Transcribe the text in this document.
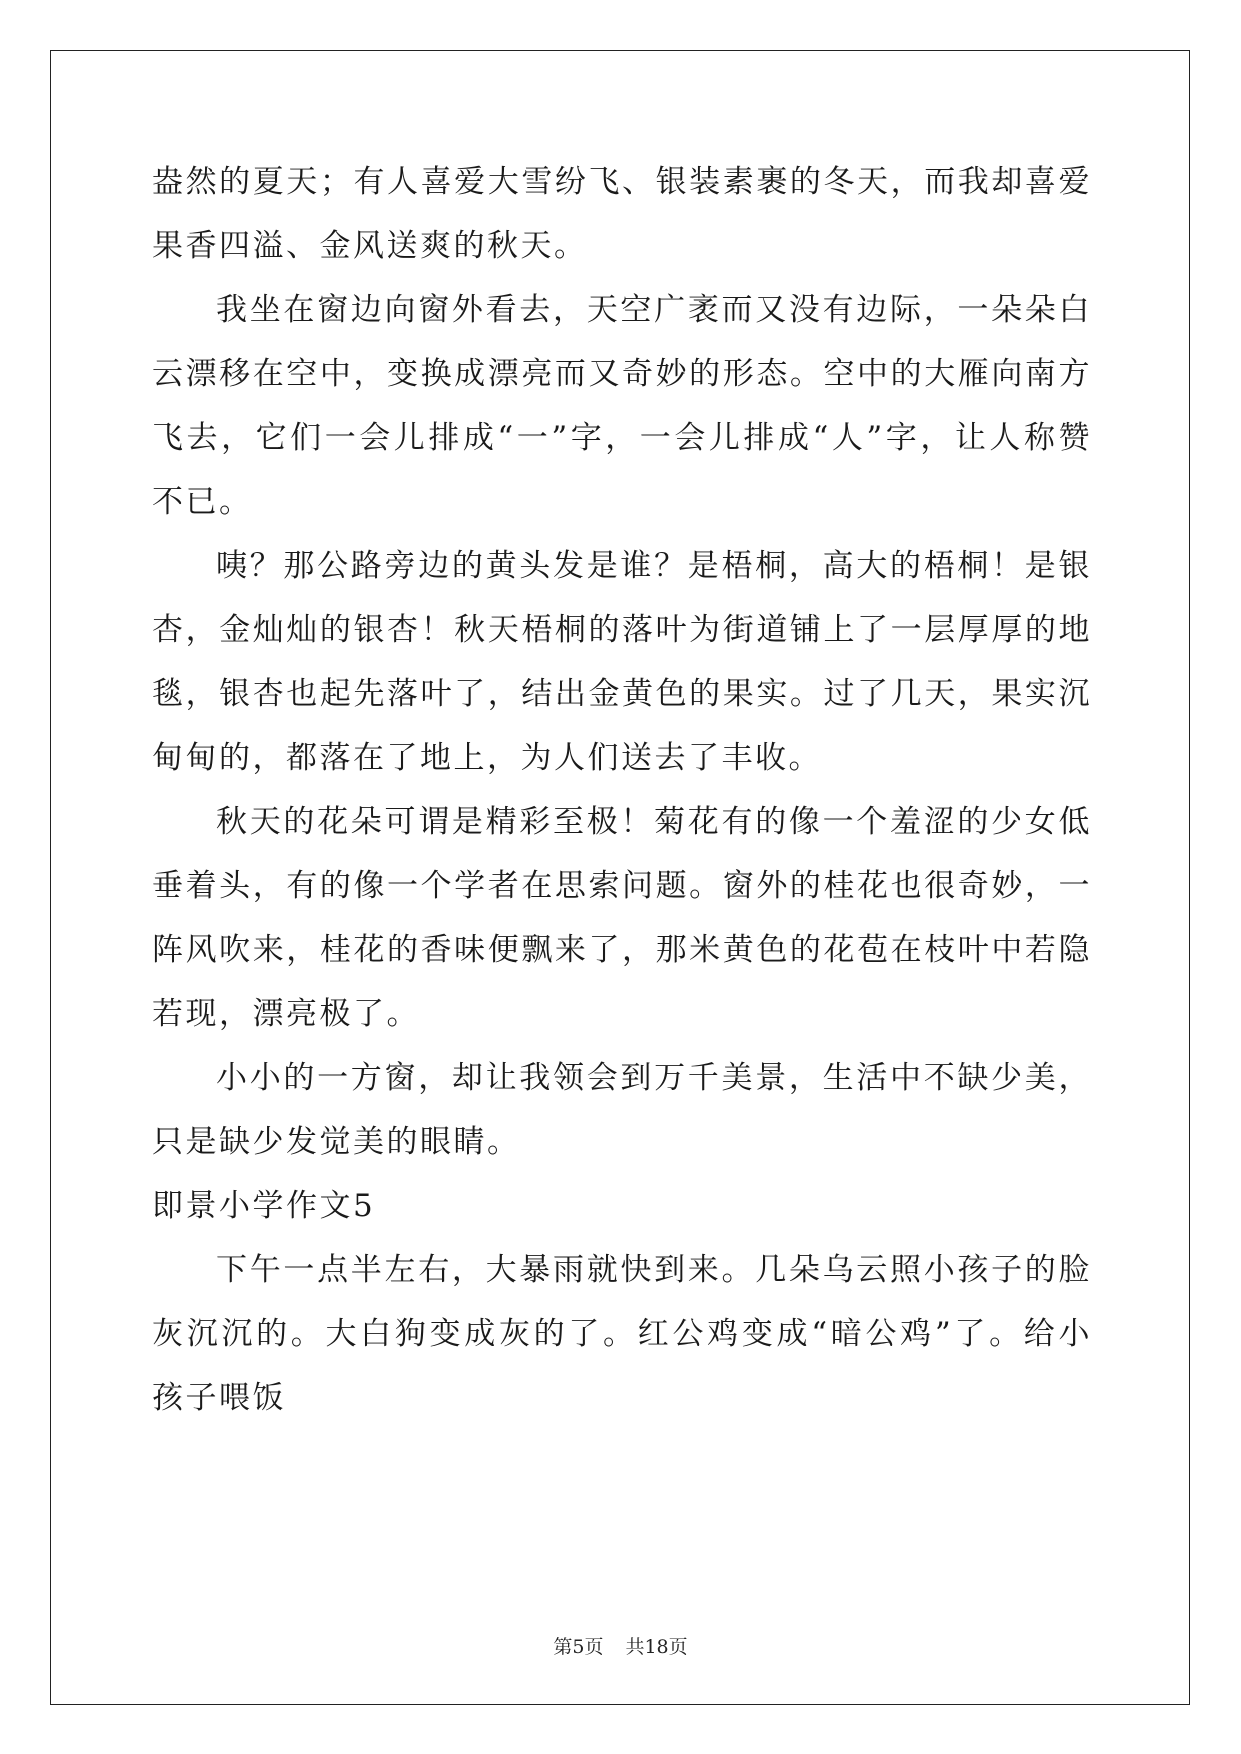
盎然的夏天；有人喜爱大雪纷飞、银装素裹的冬天，而我却喜爱果香四溢、金风送爽的秋天。

我坐在窗边向窗外看去，天空广袤而又没有边际，一朵朵白云漂移在空中，变换成漂亮而又奇妙的形态。空中的大雁向南方飞去，它们一会儿排成“一”字，一会儿排成“人”字，让人称赞不已。

咦？那公路旁边的黄头发是谁？是梧桐，高大的梧桐！是银杏，金灿灿的银杏！秋天梧桐的落叶为街道铺上了一层厚厚的地毯，银杏也起先落叶了，结出金黄色的果实。过了几天，果实沉甸甸的，都落在了地上，为人们送去了丰收。

秋天的花朵可谓是精彩至极！菊花有的像一个羞涩的少女低垂着头，有的像一个学者在思索问题。窗外的桂花也很奇妙，一阵风吹来，桂花的香味便飘来了，那米黄色的花苞在枝叶中若隐若现，漂亮极了。

小小的一方窗，却让我领会到万千美景，生活中不缺少美，只是缺少发觉美的眼睛。

即景小学作文5

下午一点半左右，大暴雨就快到来。几朵乌云照小孩子的脸灰沉沉的。大白狗变成灰的了。红公鸡变成“暗公鸡”了。给小孩子喂饭

第5页 共18页
